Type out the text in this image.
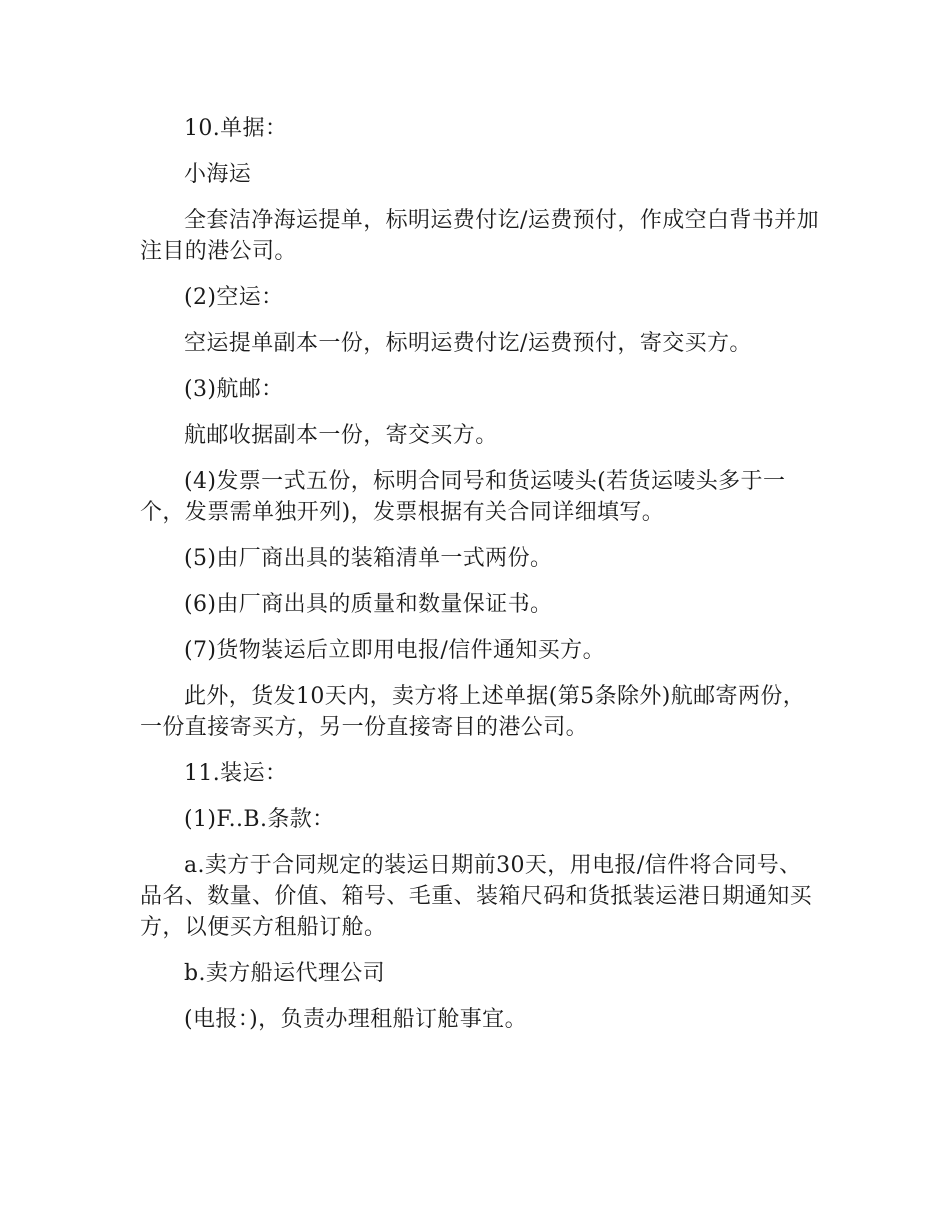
10.单据：

小海运

全套洁净海运提单，标明运费付讫/运费预付，作成空白背书并加注目的港公司。

(2)空运：

空运提单副本一份，标明运费付讫/运费预付，寄交买方。

(3)航邮：

航邮收据副本一份，寄交买方。

(4)发票一式五份，标明合同号和货运唛头(若货运唛头多于一个，发票需单独开列)，发票根据有关合同详细填写。

(5)由厂商出具的装箱清单一式两份。

(6)由厂商出具的质量和数量保证书。

(7)货物装运后立即用电报/信件通知买方。

此外，货发10天内，卖方将上述单据(第5条除外)航邮寄两份，一份直接寄买方，另一份直接寄目的港公司。

11.装运：

(1)F..B.条款：

a.卖方于合同规定的装运日期前30天，用电报/信件将合同号、品名、数量、价值、箱号、毛重、装箱尺码和货抵装运港日期通知买方，以便买方租船订舱。

b.卖方船运代理公司

(电报：)，负责办理租船订舱事宜。
